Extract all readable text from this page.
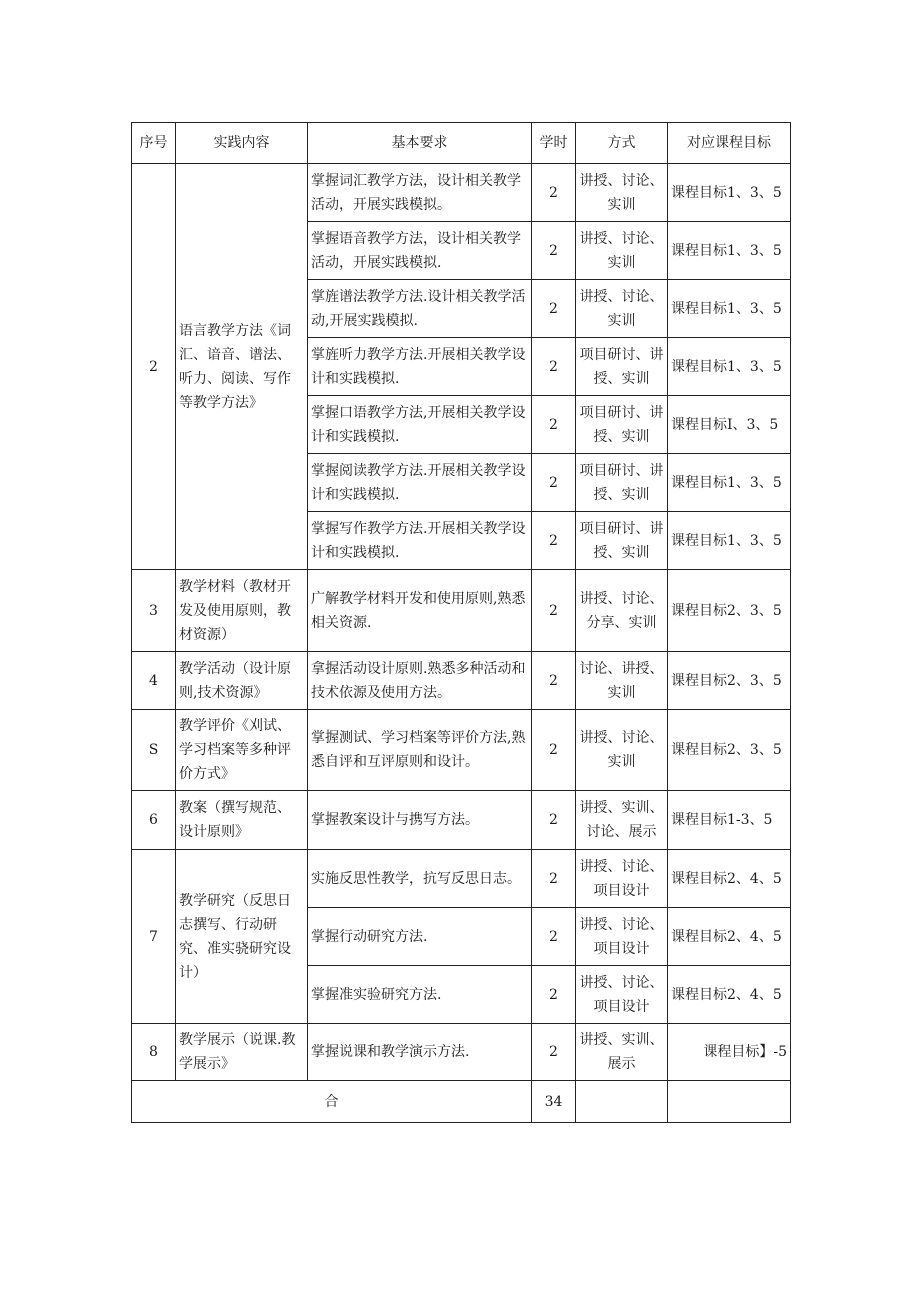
序号	实践内容	基本要求	学时	方式	对应课程目标
2	语言教学方法《词汇、谙音、谱法、听力、阅读、写作等教学方法》	掌握词汇教学方法，设计相关教学活动，开展实践模拟。	2	讲授、讨论、实训	课程目标1、3、5
		掌握语音教学方法，设计相关教学活动，开展实践模拟.	2	讲授、讨论、实训	课程目标1、3、5
		掌旌谱法教学方法.设计相关教学活动,开展实践模拟.	2	讲授、讨论、实训	课程目标1、3、5
		掌旌听力教学方法.开展相关教学设计和实践模拟.	2	项目研讨、讲授、实训	课程目标1、3、5
		掌握口语教学方法,开展相关教学设计和实践模拟.	2	项目研讨、讲授、实训	课程目标I、3、5
		掌握阅读教学方法.开展相关教学设计和实践模拟.	2	项目研讨、讲授、实训	课程目标1、3、5
		掌握写作教学方法.开展相关教学设计和实践模拟.	2	项目研讨、讲授、实训	课程目标1、3、5
3	教学材料（教材开发及使用原则，教材资源）	广解教学材料开发和使用原则,熟悉相关资源.	2	讲授、讨论、分享、实训	课程目标2、3、5
4	教学活动（设计原则,技术资源》	拿握活动设计原则.熟悉多种活动和技术依源及使用方法。	2	讨论、讲授、实训	课程目标2、3、5
S	教学评价《刈试、学习档案等多种评价方式》	掌握测试、学习档案等评价方法,熟悉自评和互评原则和设计。	2	讲授、讨论、实训	课程目标2、3、5
6	教案（撰写规范、设计原则》	掌握教案设计与携写方法。	2	讲授、实训、讨论、展示	课程目标1-3、5
7	教学研究（反思日志撰写、行动研究、准实骁研究设计）	实施反思性教学，抗写反思日志。	2	讲授、讨论、项目设计	课程目标2、4、5
		掌握行动研究方法.	2	讲授、讨论、项目设计	课程目标2、4、5
		掌握准实验研究方法.	2	讲授、讨论、项目设计	课程目标2、4、5
8	教学展示（说课.教学展示》	掌握说课和教学演示方法.	2	讲授、实训、展示	课程目标】-5
合			34		
